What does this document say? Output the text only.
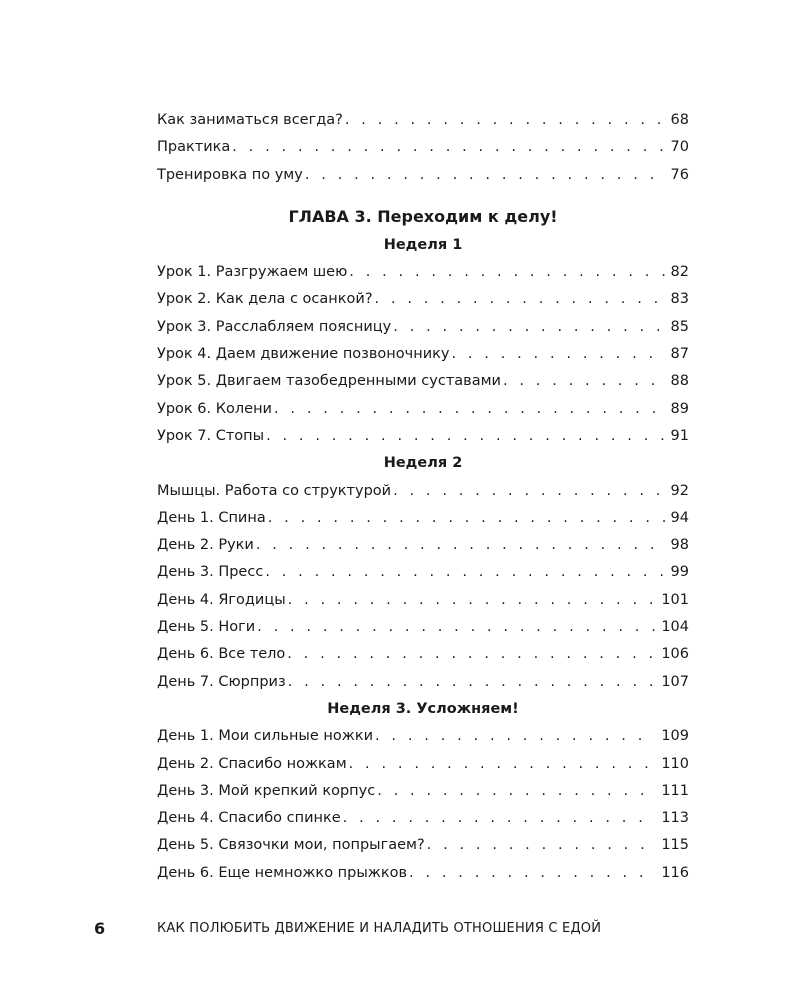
Как заниматься всегда? . . .	68
Практика . . .	70
Тренировка по уму . . .	76
ГЛАВА 3. Переходим к делу!
Неделя 1
Урок 1. Разгружаем шею . . .	82
Урок 2. Как дела с осанкой? . . .	83
Урок 3. Расслабляем поясницу . . .	85
Урок 4. Даем движение позвоночнику . . .	87
Урок 5. Двигаем тазобедренными суставами . . .	88
Урок 6. Колени . . .	89
Урок 7. Стопы . . .	91
Неделя 2
Мышцы. Работа со структурой . . .	92
День 1. Спина . . .	94
День 2. Руки . . .	98
День 3. Пресс . . .	99
День 4. Ягодицы . . .	101
День 5. Ноги . . .	104
День 6. Все тело . . .	106
День 7. Сюрприз . . .	107
Неделя 3. Усложняем!
День 1. Мои сильные ножки . . .	109
День 2. Спасибо ножкам . . .	110
День 3. Мой крепкий корпус . . .	111
День 4. Спасибо спинке . . .	113
День 5. Связочки мои, попрыгаем? . . .	115
День 6. Еще немножко прыжков . . .	116
6	КАК ПОЛЮБИТЬ ДВИЖЕНИЕ И НАЛАДИТЬ ОТНОШЕНИЯ С ЕДОЙ
